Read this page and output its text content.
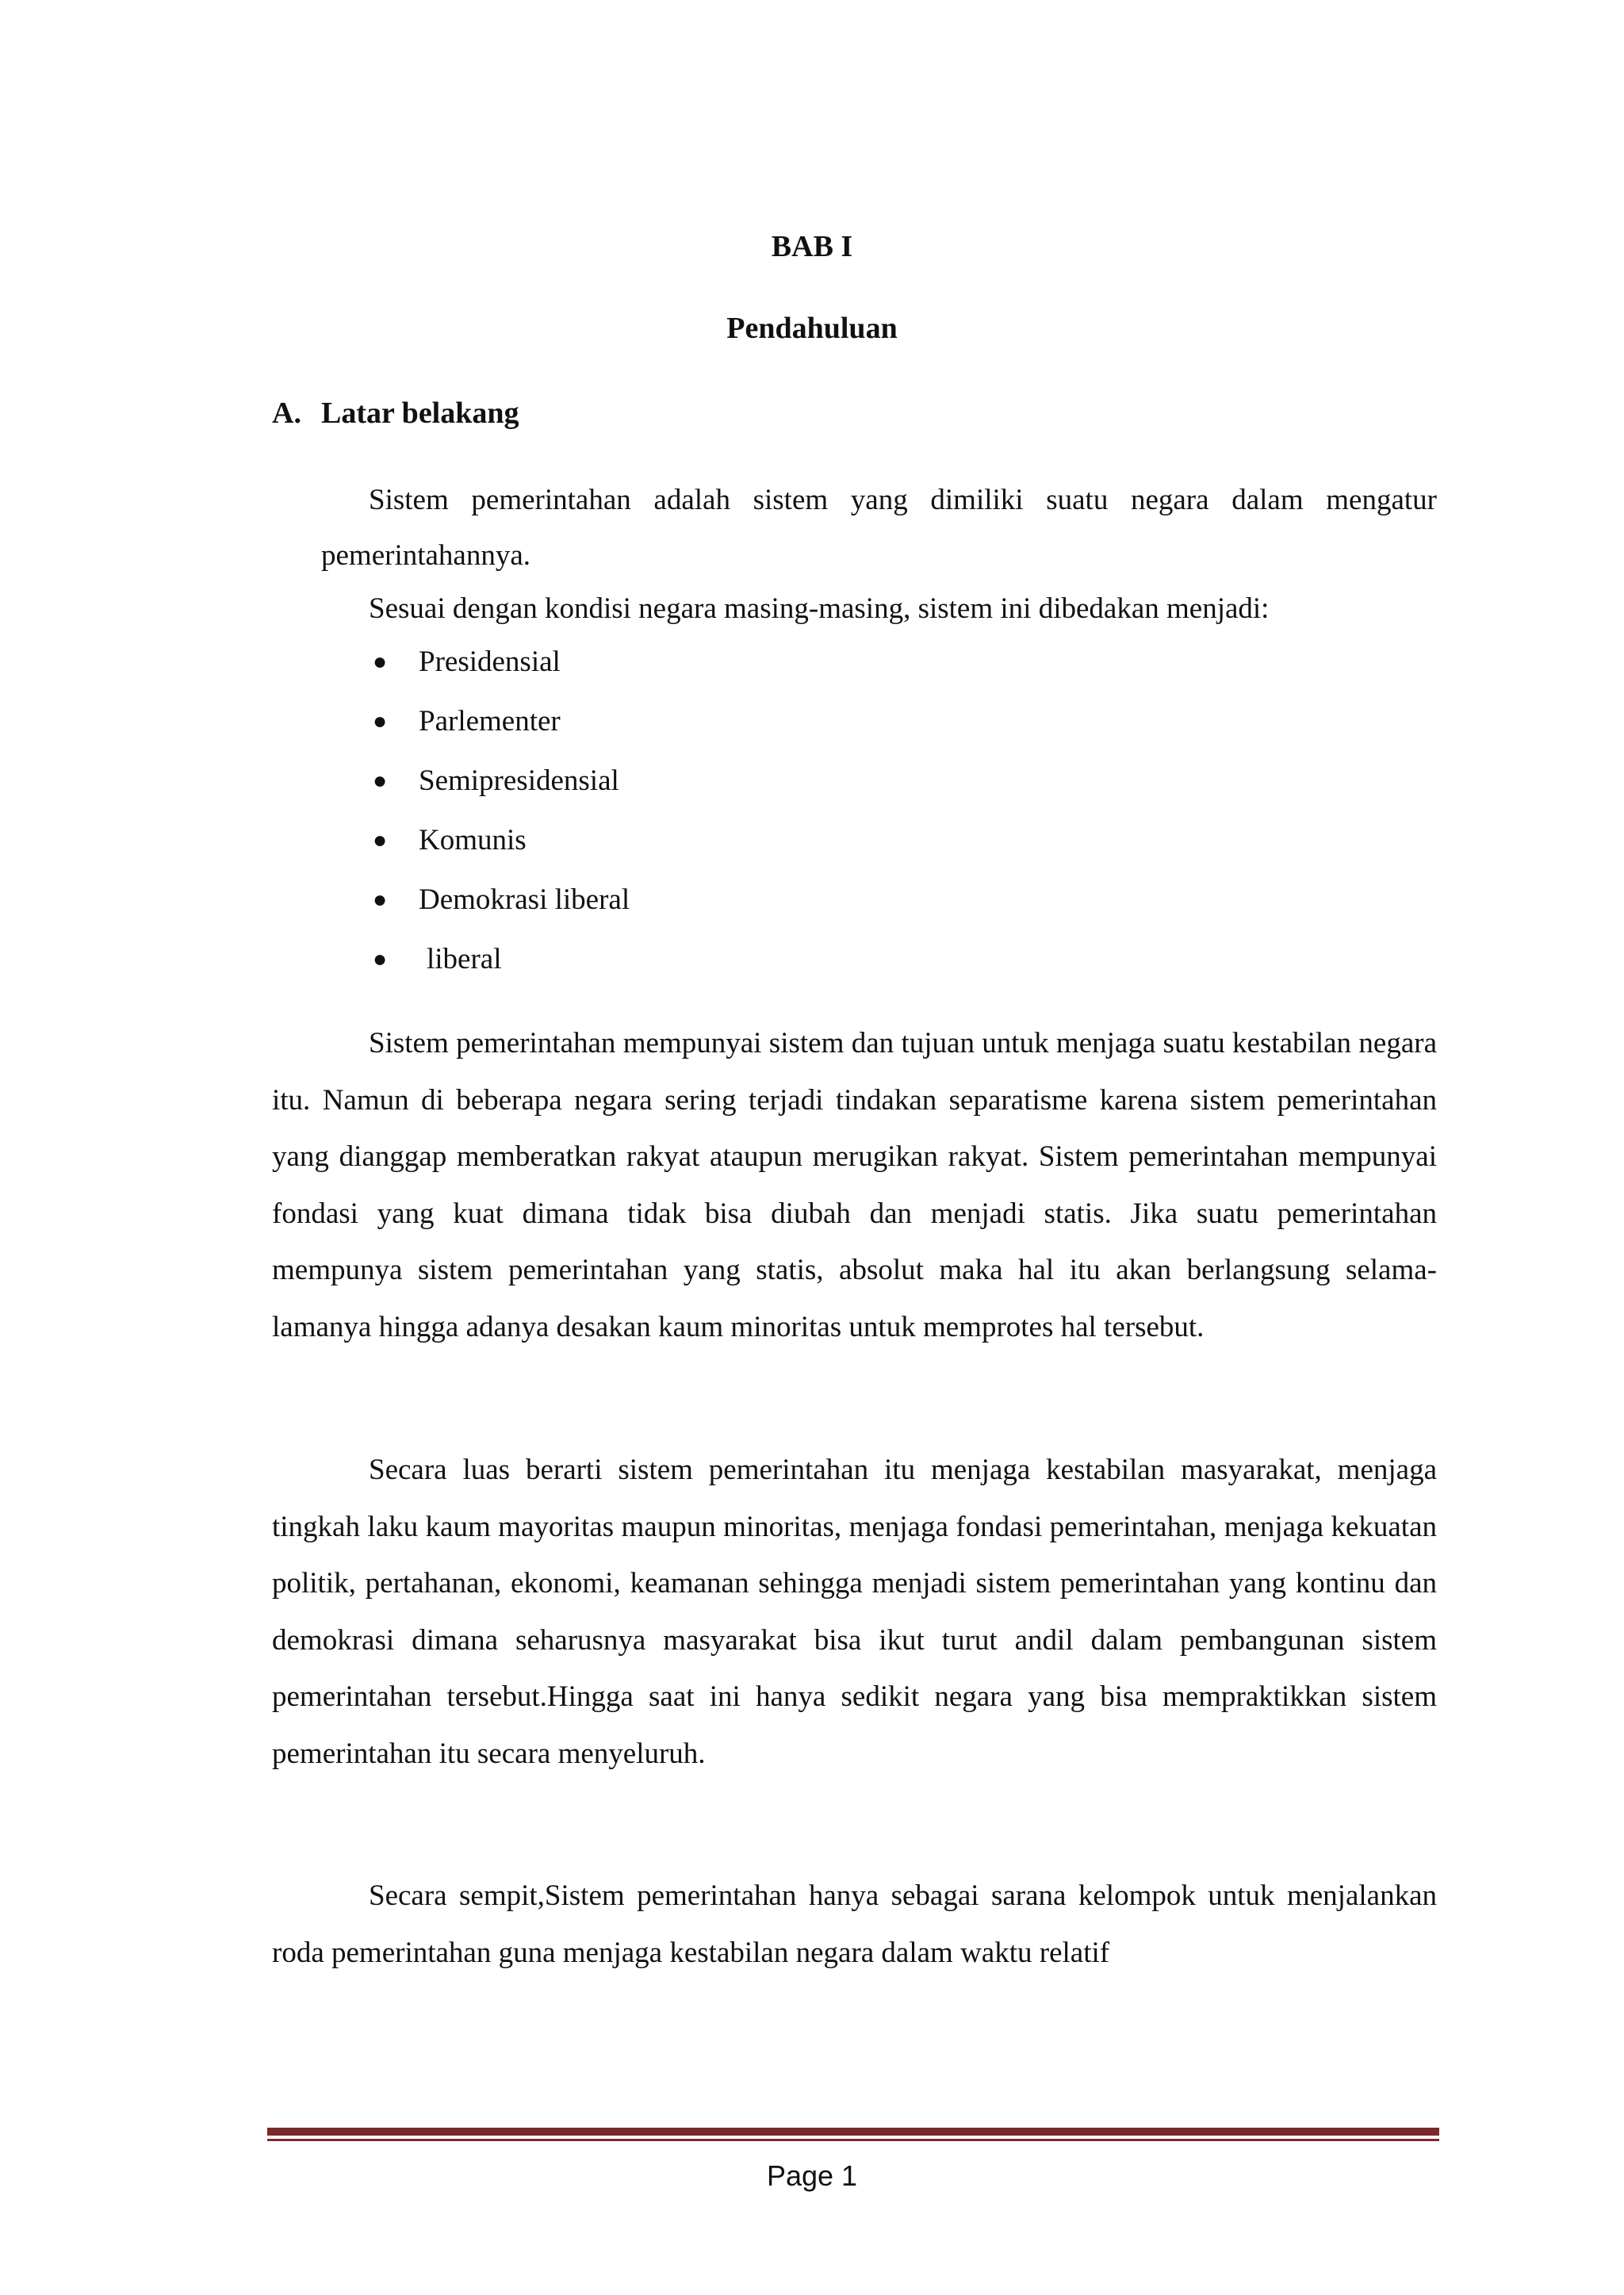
BAB I
Pendahuluan
A. Latar belakang
Sistem pemerintahan adalah sistem yang dimiliki suatu negara dalam mengatur pemerintahannya.
Sesuai dengan kondisi negara masing-masing, sistem ini dibedakan menjadi:
● Presidensial
● Parlementer
● Semipresidensial
● Komunis
● Demokrasi liberal
● liberal
Sistem pemerintahan mempunyai sistem dan tujuan untuk menjaga suatu kestabilan negara itu. Namun di beberapa negara sering terjadi tindakan separatisme karena sistem pemerintahan yang dianggap memberatkan rakyat ataupun merugikan rakyat. Sistem pemerintahan mempunyai fondasi yang kuat dimana tidak bisa diubah dan menjadi statis. Jika suatu pemerintahan mempunya sistem pemerintahan yang statis, absolut maka hal itu akan berlangsung selama-lamanya hingga adanya desakan kaum minoritas untuk memprotes hal tersebut.
Secara luas berarti sistem pemerintahan itu menjaga kestabilan masyarakat, menjaga tingkah laku kaum mayoritas maupun minoritas, menjaga fondasi pemerintahan, menjaga kekuatan politik, pertahanan, ekonomi, keamanan sehingga menjadi sistem pemerintahan yang kontinu dan demokrasi dimana seharusnya masyarakat bisa ikut turut andil dalam pembangunan sistem pemerintahan tersebut.Hingga saat ini hanya sedikit negara yang bisa mempraktikkan sistem pemerintahan itu secara menyeluruh.
Secara sempit,Sistem pemerintahan hanya sebagai sarana kelompok untuk menjalankan roda pemerintahan guna menjaga kestabilan negara dalam waktu relatif
Page 1
